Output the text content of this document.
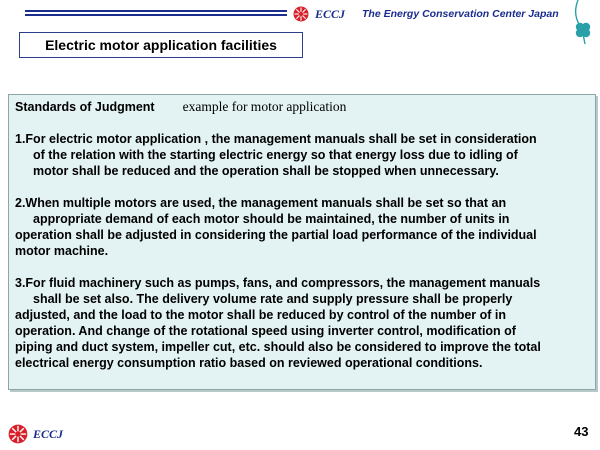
ECCJ The Energy Conservation Center Japan
Electric motor application facilities

Standards of Judgment example for motor application

1.For electric motor application , the management manuals shall be set in consideration

of the relation with the starting electric energy so that energy loss due to idling of

motor shall be reduced and the operation shall be stopped when unnecessary.

2.When multiple motors are used, the management manuals shall be set so that an

appropriate demand of each motor should be maintained, the number of units in

operation shall be adjusted in considering the partial load performance of the individual

motor machine.

3.For fluid machinery such as pumps, fans, and compressors, the management manuals

shall be set also. The delivery volume rate and supply pressure shall be properly

adjusted, and the load to the motor shall be reduced by control of the number of in

operation. And change of the rotational speed using inverter control, modification of

piping and duct system, impeller cut, etc. should also be considered to improve the total

electrical energy consumption ratio based on reviewed operational conditions.

ECCJ	43
